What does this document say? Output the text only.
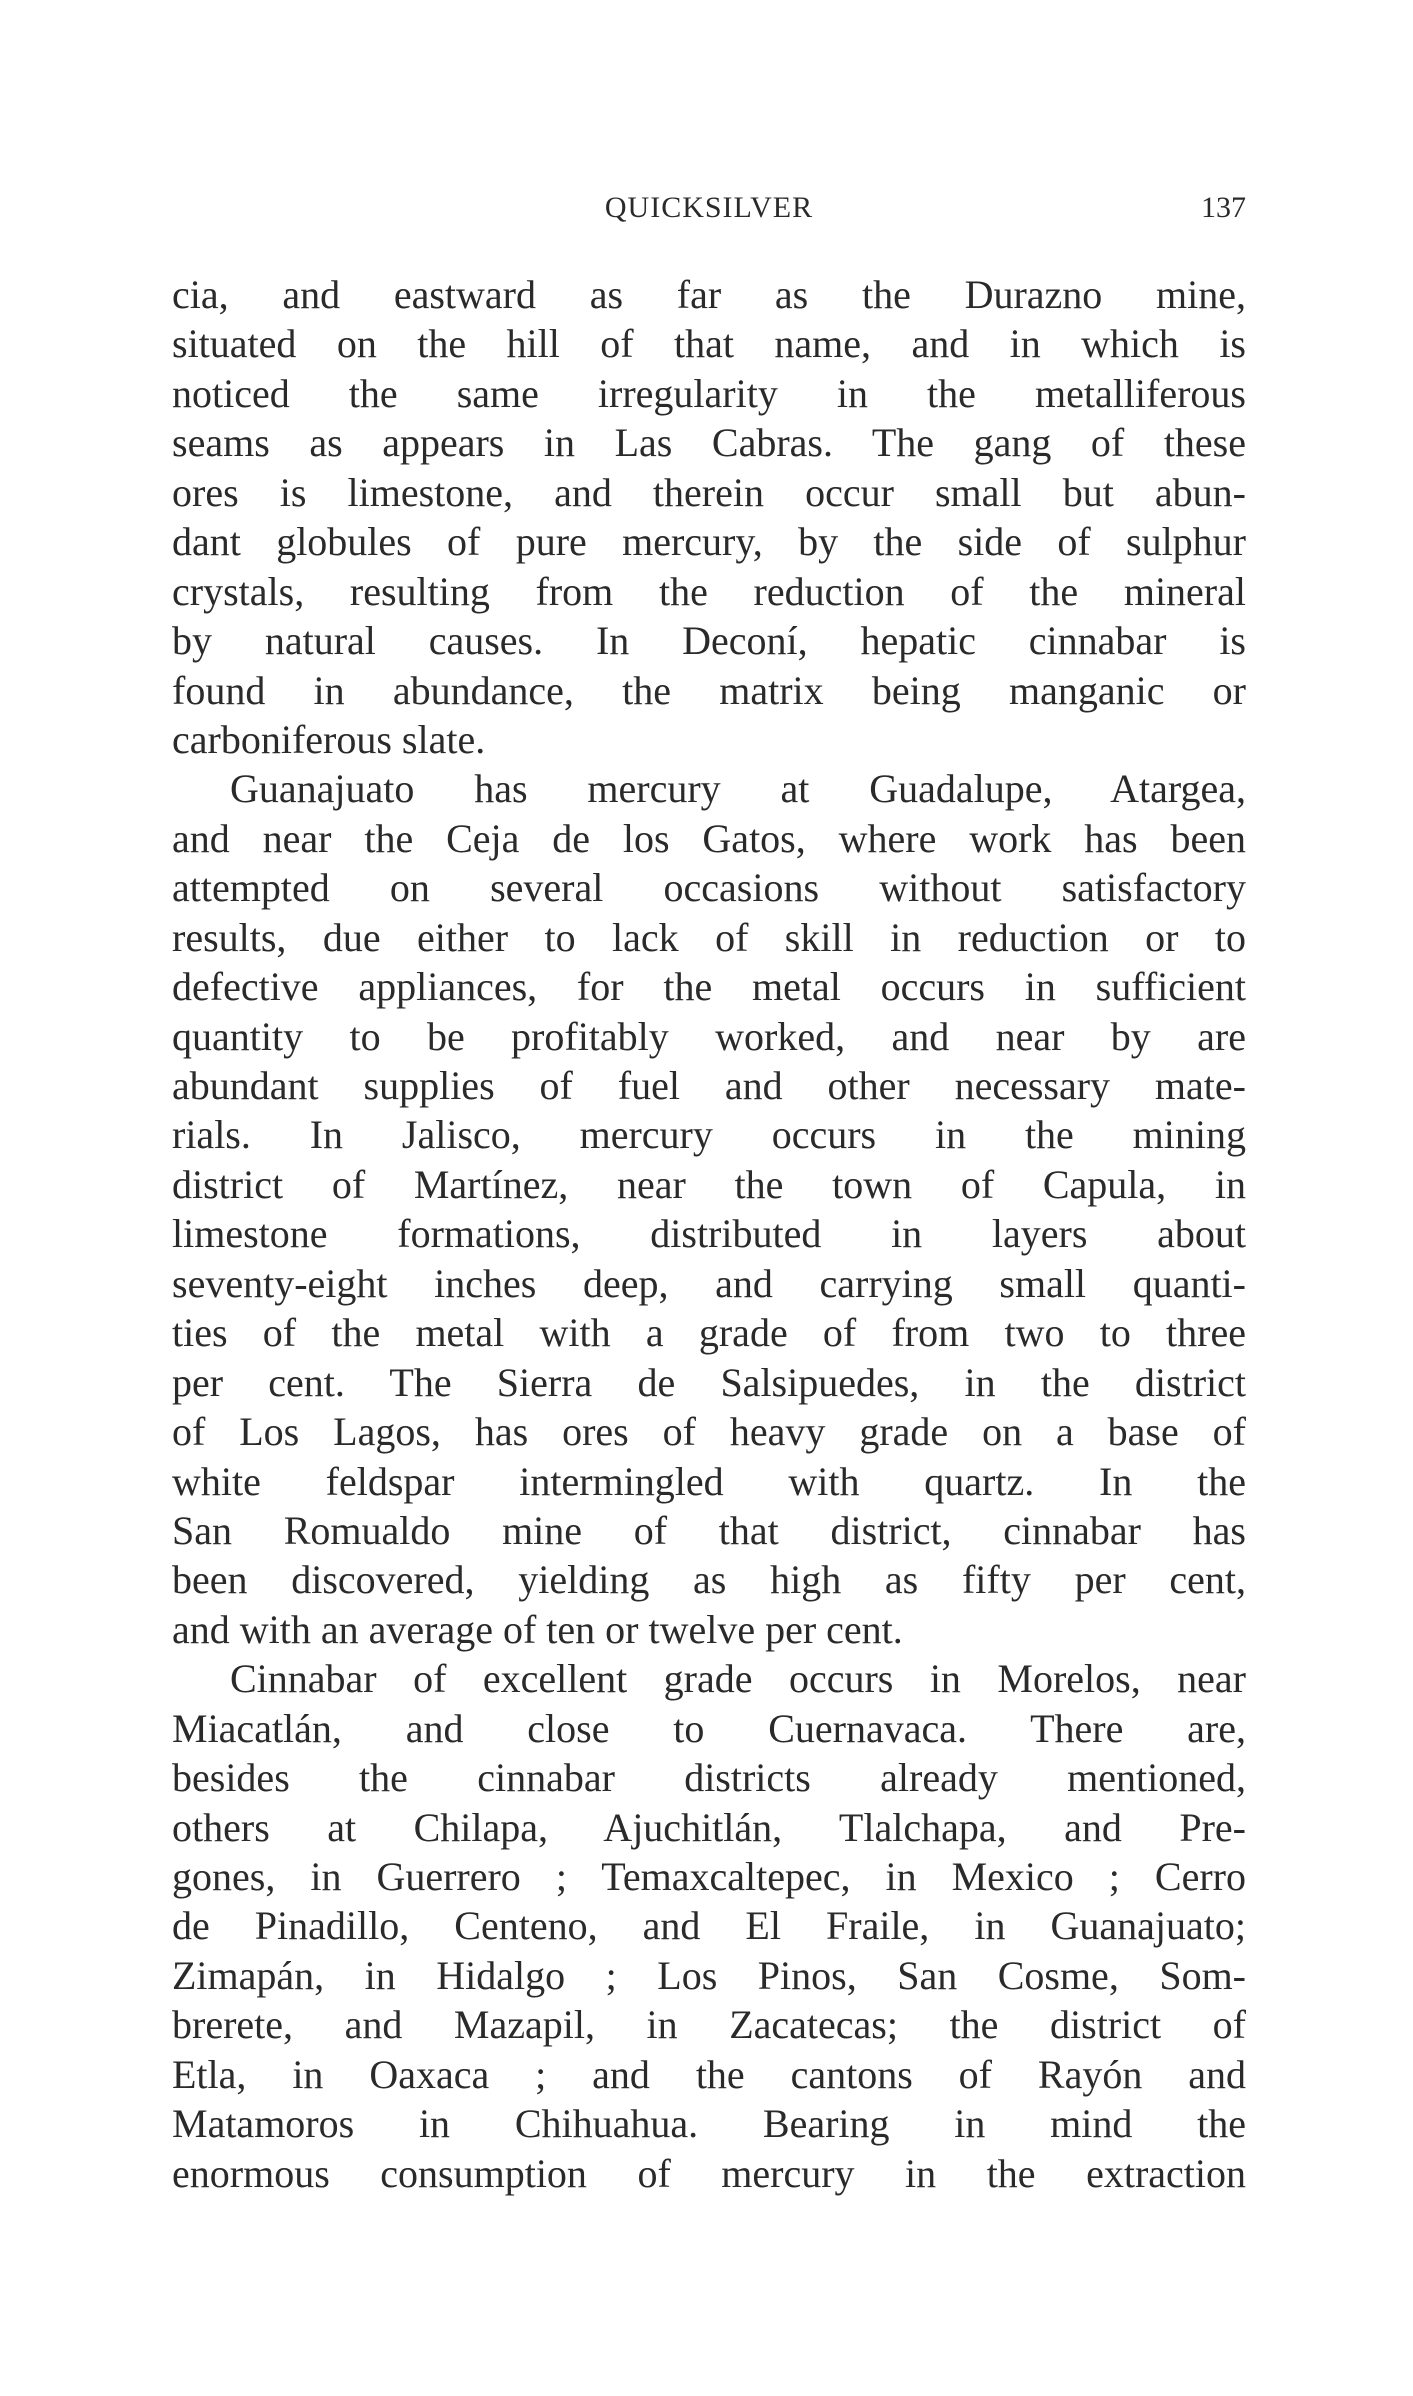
QUICKSILVER	137
cia, and eastward as far as the Durazno mine,
situated on the hill of that name, and in which is
noticed the same irregularity in the metalliferous
seams as appears in Las Cabras. The gang of these
ores is limestone, and therein occur small but abun-
dant globules of pure mercury, by the side of sulphur
crystals, resulting from the reduction of the mineral
by natural causes. In Deconí, hepatic cinnabar is
found in abundance, the matrix being manganic or
carboniferous slate.
Guanajuato has mercury at Guadalupe, Atargea,
and near the Ceja de los Gatos, where work has been
attempted on several occasions without satisfactory
results, due either to lack of skill in reduction or to
defective appliances, for the metal occurs in sufficient
quantity to be profitably worked, and near by are
abundant supplies of fuel and other necessary mate-
rials. In Jalisco, mercury occurs in the mining
district of Martínez, near the town of Capula, in
limestone formations, distributed in layers about
seventy-eight inches deep, and carrying small quanti-
ties of the metal with a grade of from two to three
per cent. The Sierra de Salsipuedes, in the district
of Los Lagos, has ores of heavy grade on a base of
white feldspar intermingled with quartz. In the
San Romualdo mine of that district, cinnabar has
been discovered, yielding as high as fifty per cent,
and with an average of ten or twelve per cent.
Cinnabar of excellent grade occurs in Morelos, near
Miacatlán, and close to Cuernavaca. There are,
besides the cinnabar districts already mentioned,
others at Chilapa, Ajuchitlán, Tlalchapa, and Pre-
gones, in Guerrero ; Temaxcaltepec, in Mexico ; Cerro
de Pinadillo, Centeno, and El Fraile, in Guanajuato;
Zimapán, in Hidalgo ; Los Pinos, San Cosme, Som-
brerete, and Mazapil, in Zacatecas; the district of
Etla, in Oaxaca ; and the cantons of Rayón and
Matamoros in Chihuahua. Bearing in mind the
enormous consumption of mercury in the extraction
